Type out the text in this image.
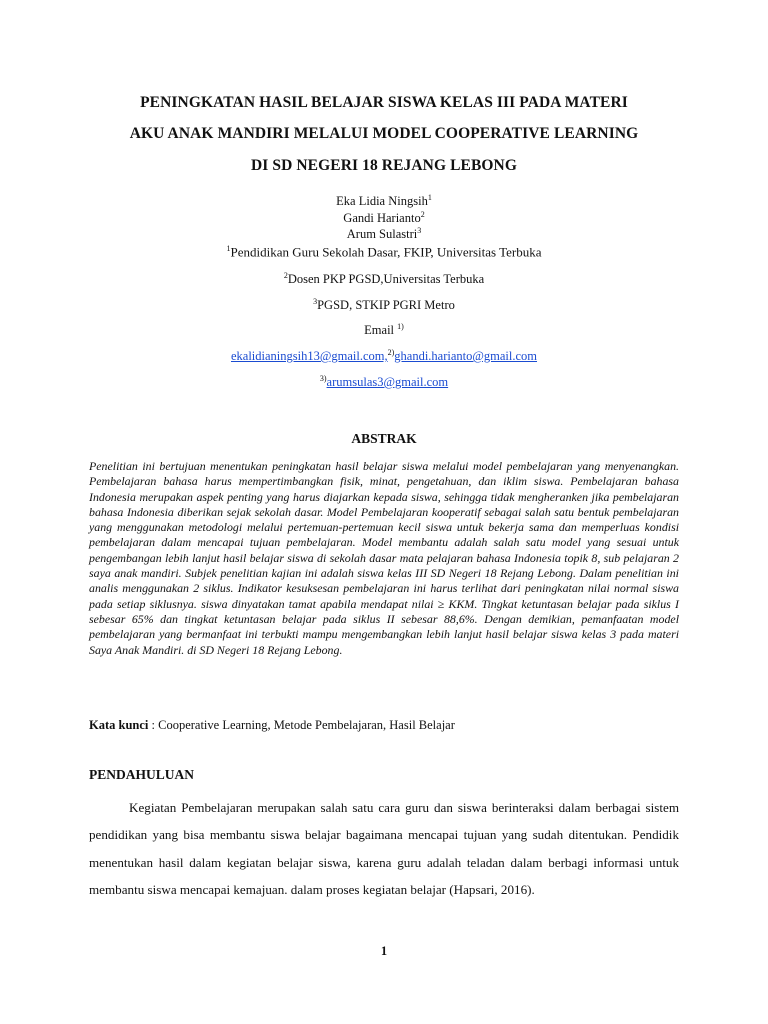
PENINGKATAN HASIL BELAJAR SISWA KELAS III PADA MATERI
AKU ANAK MANDIRI MELALUI MODEL COOPERATIVE LEARNING
DI SD NEGERI 18 REJANG LEBONG
Eka Lidia Ningsih$^1$
Gandi Harianto$^2$
Arum Sulastri$^3$
$^1$Pendidikan Guru Sekolah Dasar, FKIP, Universitas Terbuka
$^2$Dosen PKP PGSD,Universitas Terbuka
$^3$PGSD, STKIP PGRI Metro
Email $^{1)}$
ekalidianingsih13@gmail.com,$^{2)}$ghandi.harianto@gmail.com
$^{3)}$arumsulas3@gmail.com
ABSTRAK
Penelitian ini bertujuan menentukan peningkatan hasil belajar siswa melalui model pembelajaran yang menyenangkan. Pembelajaran bahasa harus mempertimbangkan fisik, minat, pengetahuan, dan iklim siswa. Pembelajaran bahasa Indonesia merupakan aspek penting yang harus diajarkan kepada siswa, sehingga tidak mengheranken jika pembelajaran bahasa Indonesia diberikan sejak sekolah dasar. Model Pembelajaran kooperatif sebagai salah satu bentuk pembelajaran yang menggunakan metodologi melalui pertemuan-pertemuan kecil siswa untuk bekerja sama dan memperluas kondisi pembelajaran dalam mencapai tujuan pembelajaran. Model membantu adalah salah satu model yang sesuai untuk pengembangan lebih lanjut hasil belajar siswa di sekolah dasar mata pelajaran bahasa Indonesia topik 8, sub pelajaran 2 saya anak mandiri. Subjek penelitian kajian ini adalah siswa kelas III SD Negeri 18 Rejang Lebong. Dalam penelitian ini analis menggunakan 2 siklus. Indikator kesuksesan pembelajaran ini harus terlihat dari peningkatan nilai normal siswa pada setiap siklusnya. siswa dinyatakan tamat apabila mendapat nilai ≥ KKM. Tingkat ketuntasan belajar pada siklus I sebesar 65% dan tingkat ketuntasan belajar pada siklus II sebesar 88,6%. Dengan demikian, pemanfaatan model pembelajaran yang bermanfaat ini terbukti mampu mengembangkan lebih lanjut hasil belajar siswa kelas 3 pada materi Saya Anak Mandiri. di SD Negeri 18 Rejang Lebong.
Kata kunci : Cooperative Learning, Metode Pembelajaran, Hasil Belajar
PENDAHULUAN
Kegiatan Pembelajaran merupakan salah satu cara guru dan siswa berinteraksi dalam berbagai sistem pendidikan yang bisa membantu siswa belajar bagaimana mencapai tujuan yang sudah ditentukan. Pendidik menentukan hasil dalam kegiatan belajar siswa, karena guru adalah teladan dalam berbagi informasi untuk membantu siswa mencapai kemajuan. dalam proses kegiatan belajar (Hapsari, 2016).
1
